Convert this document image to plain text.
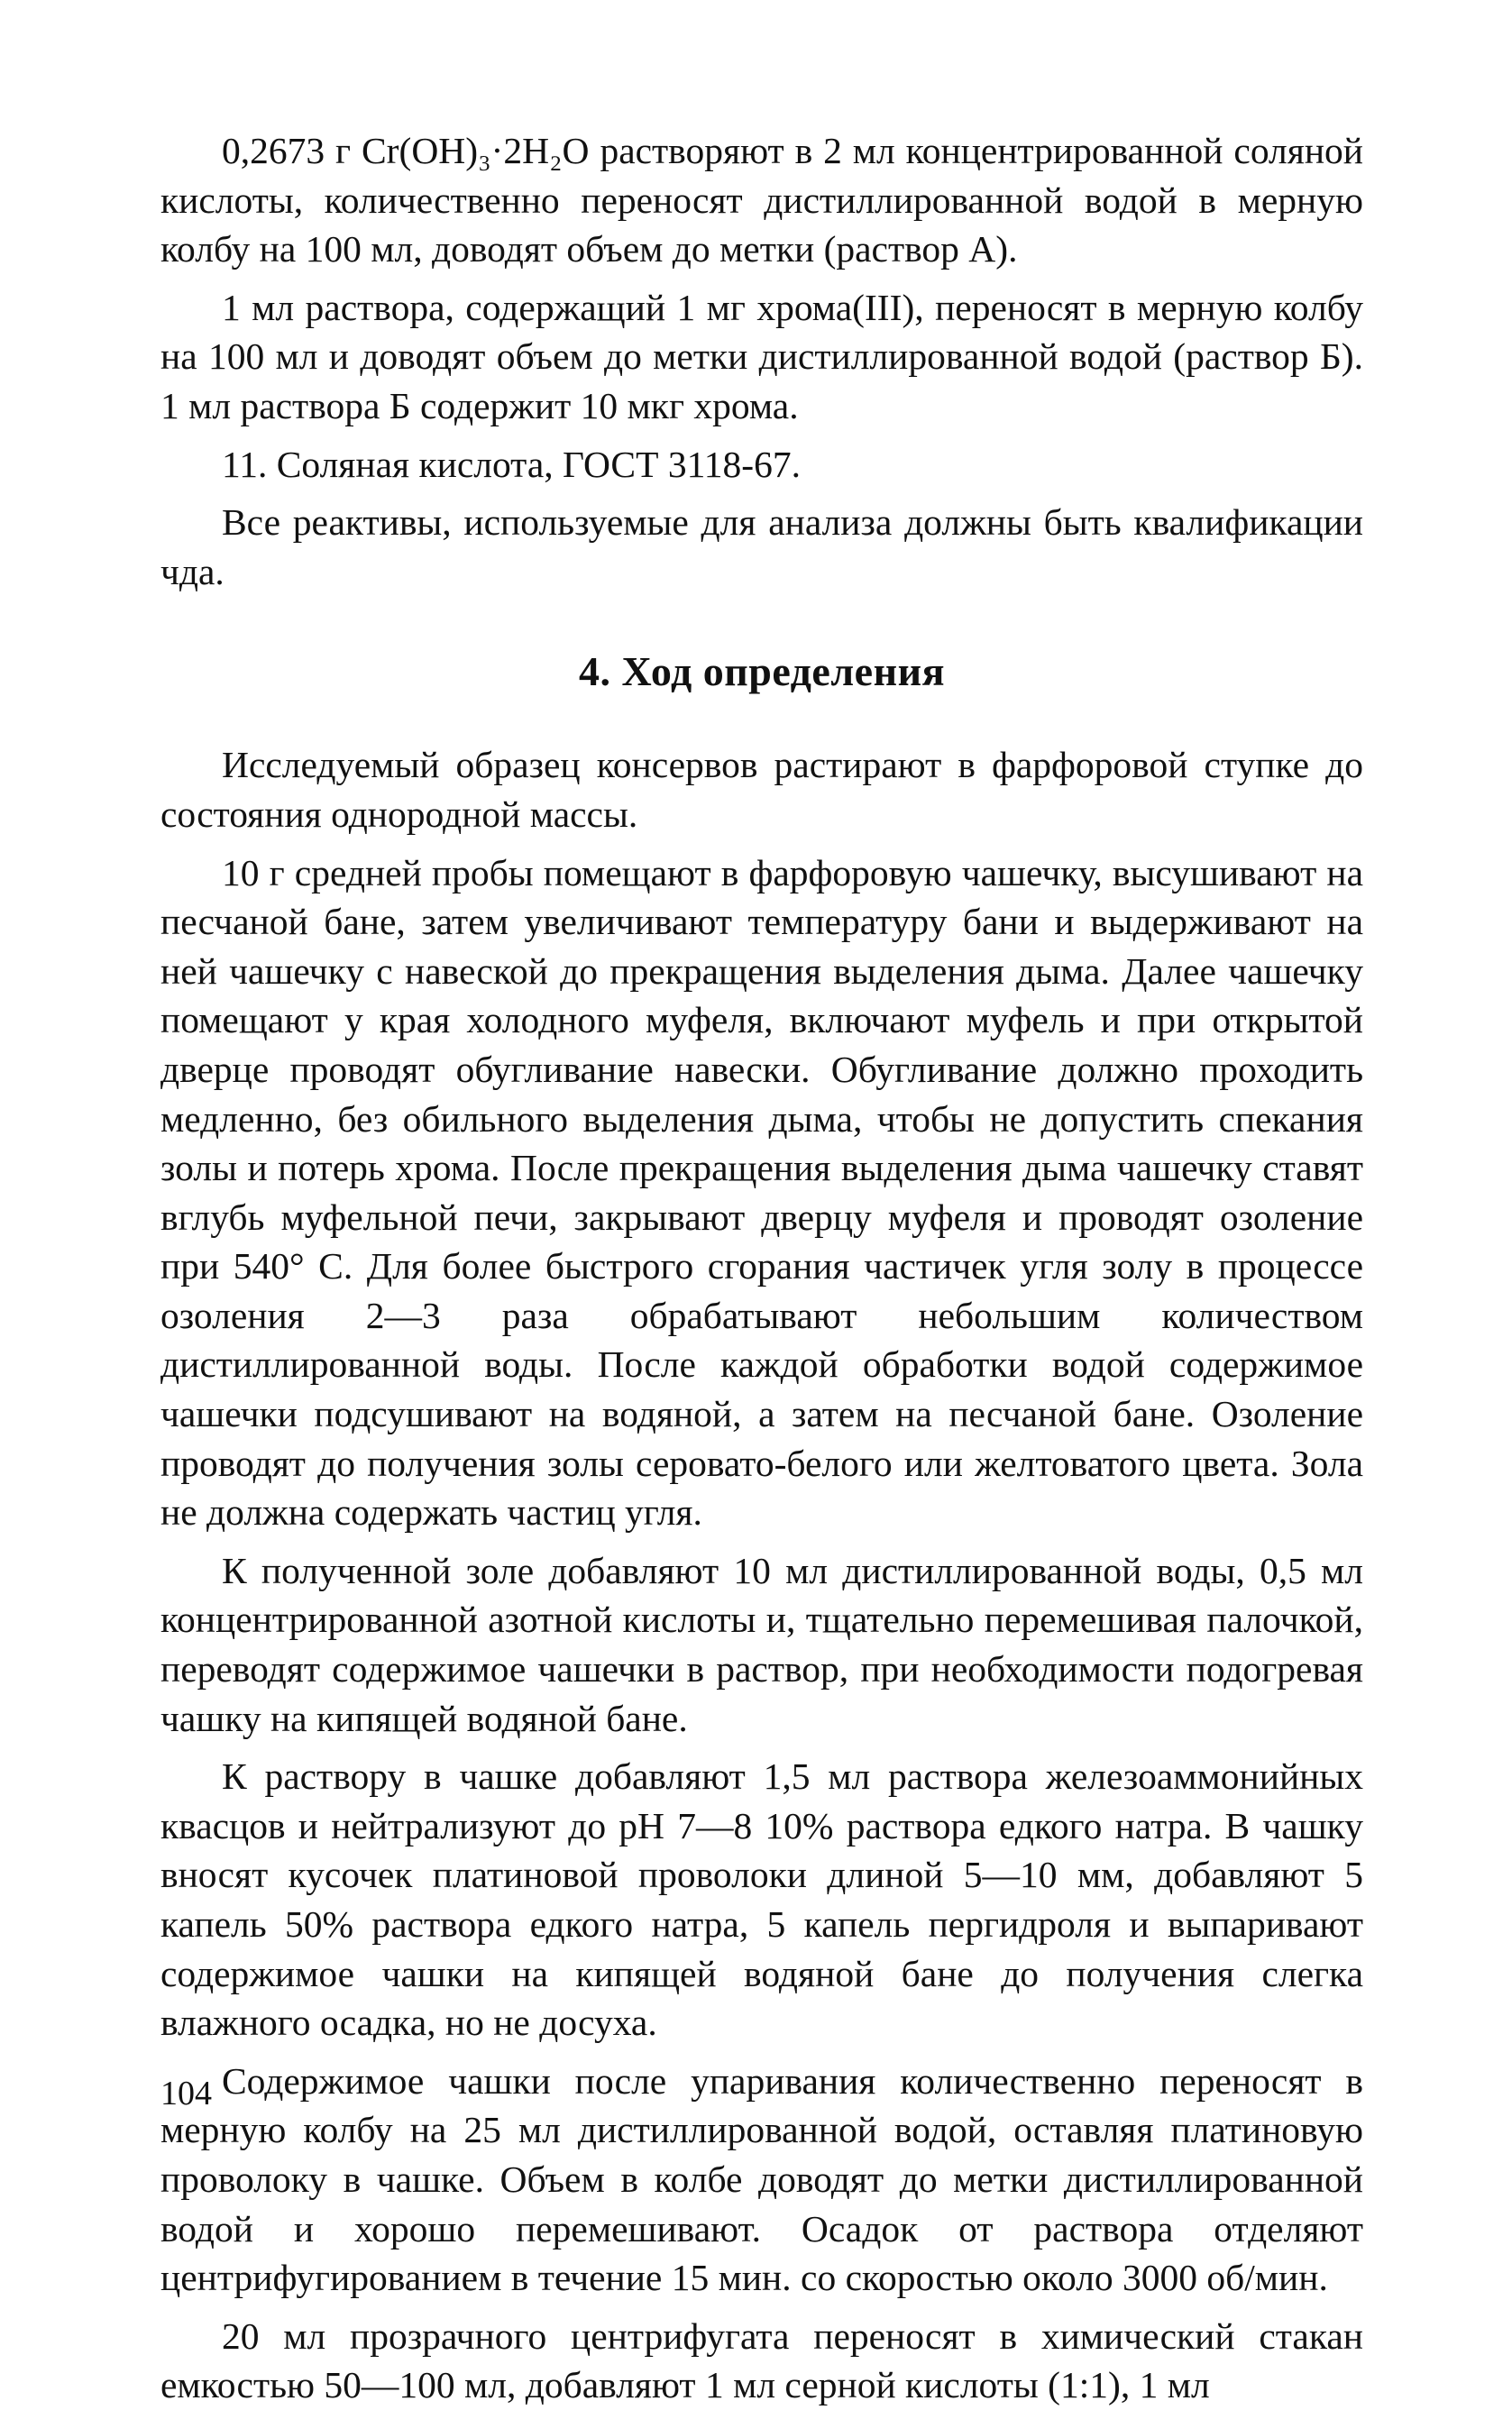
0,2673 г Cr(OH)₃·2H₂O растворяют в 2 мл концентрированной соляной кислоты, количественно переносят дистиллированной водой в мерную колбу на 100 мл, доводят объем до метки (раствор А).

1 мл раствора, содержащий 1 мг хрома(III), переносят в мерную колбу на 100 мл и доводят объем до метки дистиллированной водой (раствор Б). 1 мл раствора Б содержит 10 мкг хрома.

11. Соляная кислота, ГОСТ 3118-67.

Все реактивы, используемые для анализа должны быть квалификации чда.

4. Ход определения

Исследуемый образец консервов растирают в фарфоровой ступке до состояния однородной массы.

10 г средней пробы помещают в фарфоровую чашечку, высушивают на песчаной бане, затем увеличивают температуру бани и выдерживают на ней чашечку с навеской до прекращения выделения дыма. Далее чашечку помещают у края холодного муфеля, включают муфель и при открытой дверце проводят обугливание навески. Обугливание должно проходить медленно, без обильного выделения дыма, чтобы не допустить спекания золы и потерь хрома. После прекращения выделения дыма чашечку ставят вглубь муфельной печи, закрывают дверцу муфеля и проводят озоление при 540° С. Для более быстрого сгорания частичек угля золу в процессе озоления 2—3 раза обрабатывают небольшим количеством дистиллированной воды. После каждой обработки водой содержимое чашечки подсушивают на водяной, а затем на песчаной бане. Озоление проводят до получения золы серовато-белого или желтоватого цвета. Зола не должна содержать частиц угля.

К полученной золе добавляют 10 мл дистиллированной воды, 0,5 мл концентрированной азотной кислоты и, тщательно перемешивая палочкой, переводят содержимое чашечки в раствор, при необходимости подогревая чашку на кипящей водяной бане.

К раствору в чашке добавляют 1,5 мл раствора железоаммонийных квасцов и нейтрализуют до pH 7—8 10% раствора едкого натра. В чашку вносят кусочек платиновой проволоки длиной 5—10 мм, добавляют 5 капель 50% раствора едкого натра, 5 капель пергидроля и выпаривают содержимое чашки на кипящей водяной бане до получения слегка влажного осадка, но не досуха.

Содержимое чашки после упаривания количественно переносят в мерную колбу на 25 мл дистиллированной водой, оставляя платиновую проволоку в чашке. Объем в колбе доводят до метки дистиллированной водой и хорошо перемешивают. Осадок от раствора отделяют центрифугированием в течение 15 мин. со скоростью около 3000 об/мин.

20 мл прозрачного центрифугата переносят в химический стакан емкостью 50—100 мл, добавляют 1 мл серной кислоты (1:1), 1 мл

104
